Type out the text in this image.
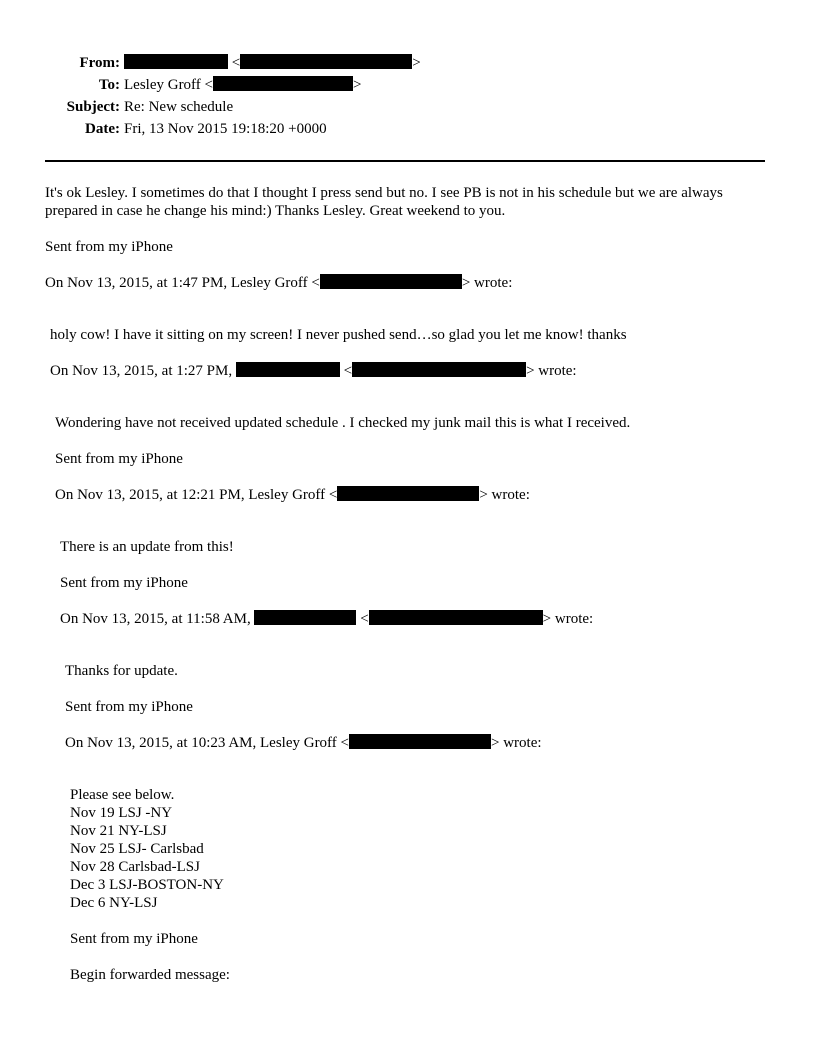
From:	<	>
To: Lesley Groff <	>
Subject: Re: New schedule
Date: Fri, 13 Nov 2015 19:18:20 +0000
It's ok Lesley. I sometimes do that I thought I press send but no. I see PB is not in his schedule but we are always prepared in case he change his mind:) Thanks Lesley. Great weekend to you.
Sent from my iPhone
On Nov 13, 2015, at 1:47 PM, Lesley Groff <	> wrote:
holy cow! I have it sitting on my screen! I never pushed send…so glad you let me know! thanks
On Nov 13, 2015, at 1:27 PM,	<	> wrote:
Wondering have not received updated schedule . I checked my junk mail this is what I received.
Sent from my iPhone
On Nov 13, 2015, at 12:21 PM, Lesley Groff <	> wrote:
There is an update from this!
Sent from my iPhone
On Nov 13, 2015, at 11:58 AM,	<	> wrote:
Thanks for update.
Sent from my iPhone
On Nov 13, 2015, at 10:23 AM, Lesley Groff <	> wrote:
Please see below.
Nov 19 LSJ -NY
Nov 21 NY-LSJ
Nov 25 LSJ- Carlsbad
Nov 28 Carlsbad-LSJ
Dec 3 LSJ-BOSTON-NY
Dec 6 NY-LSJ
Sent from my iPhone
Begin forwarded message:
